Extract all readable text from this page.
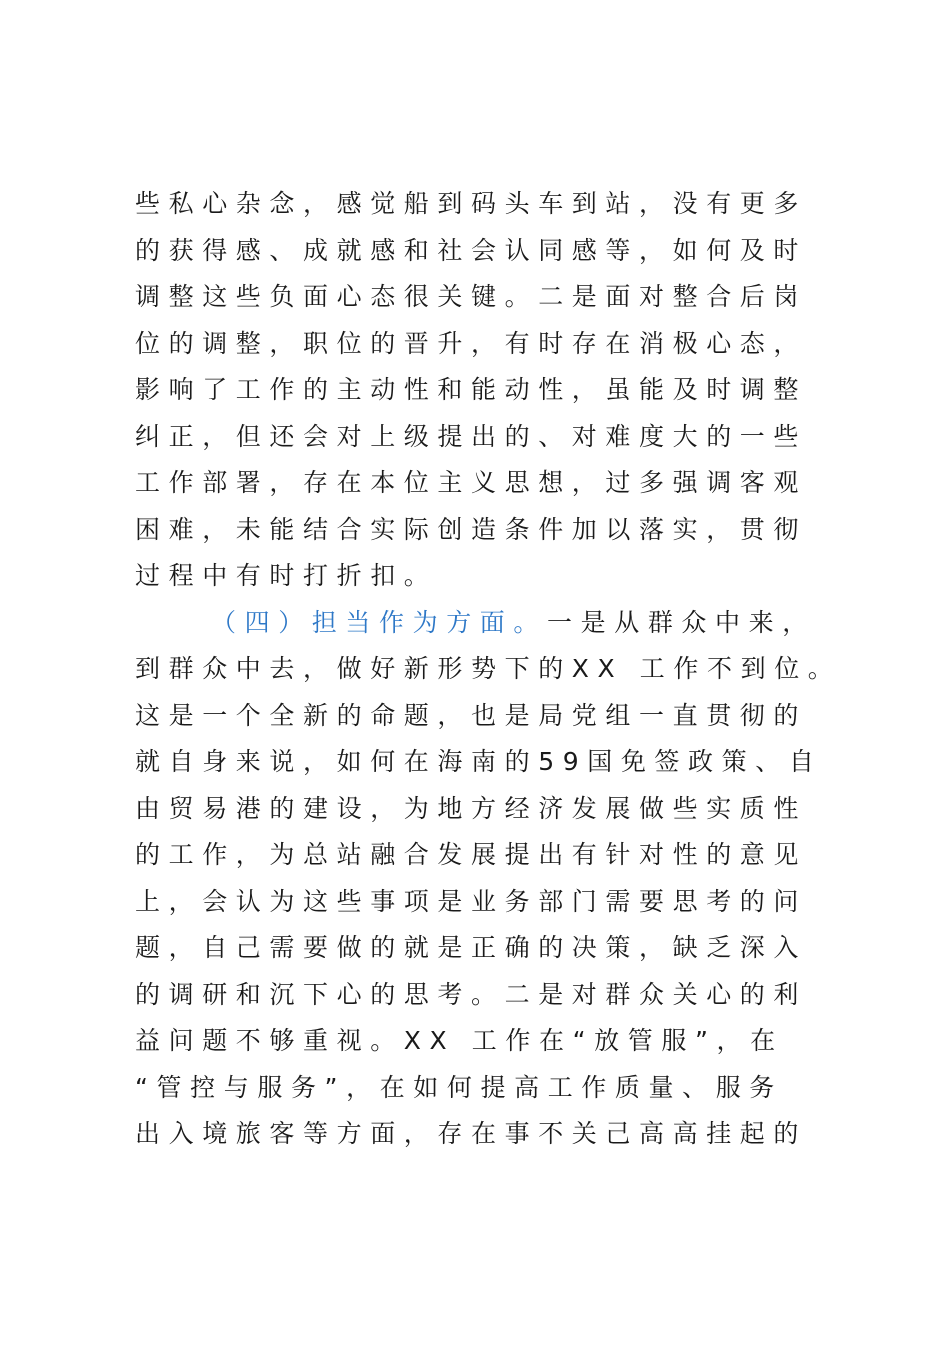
些私心杂念，感觉船到码头车到站，没有更多
的获得感、成就感和社会认同感等，如何及时
调整这些负面心态很关键。二是面对整合后岗
位的调整，职位的晋升，有时存在消极心态，
影响了工作的主动性和能动性，虽能及时调整
纠正，但还会对上级提出的、对难度大的一些
工作部署，存在本位主义思想，过多强调客观
困难，未能结合实际创造条件加以落实，贯彻
过程中有时打折扣。
（四）担当作为方面。一是从群众中来，
到群众中去，做好新形势下的XX 工作不到位。
这是一个全新的命题，也是局党组一直贯彻的
就自身来说，如何在海南的59国免签政策、自
由贸易港的建设，为地方经济发展做些实质性
的工作，为总站融合发展提出有针对性的意见
上，会认为这些事项是业务部门需要思考的问
题，自己需要做的就是正确的决策，缺乏深入
的调研和沉下心的思考。二是对群众关心的利
益问题不够重视。XX 工作在“放管服”，在
“管控与服务”，在如何提高工作质量、服务
出入境旅客等方面，存在事不关己高高挂起的
